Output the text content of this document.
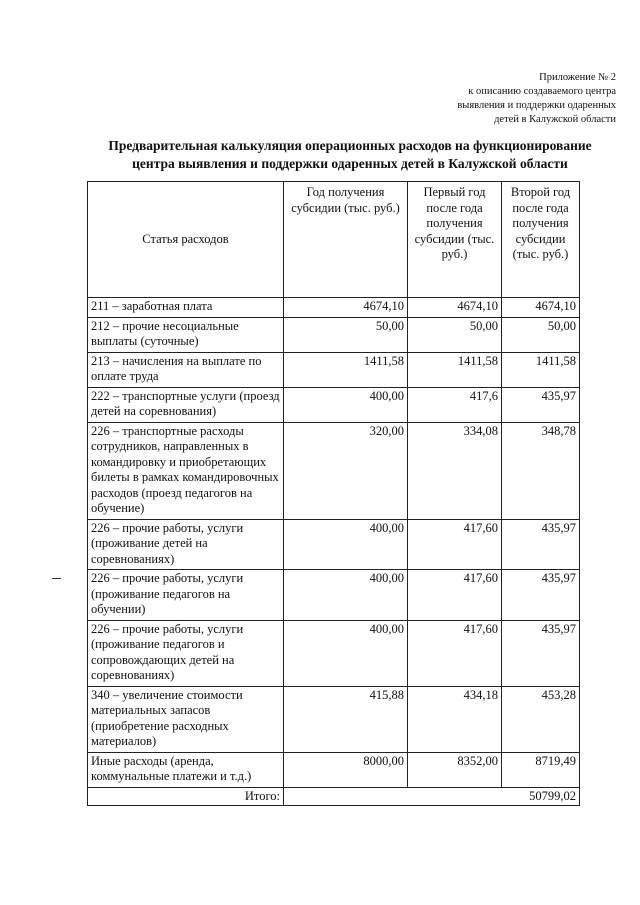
Приложение № 2
к описанию создаваемого центра
выявления и поддержки одаренных
детей в Калужской области
Предварительная калькуляция операционных расходов на функционирование
центра выявления и поддержки одаренных детей в Калужской области
Статья расходов	Год получения субсидии (тыс. руб.)	Первый год после года получения субсидии (тыс. руб.)	Второй год после года получения субсидии (тыс. руб.)
211 – заработная плата	4674,10	4674,10	4674,10
212 – прочие несоциальные выплаты (суточные)	50,00	50,00	50,00
213 – начисления на выплате по оплате труда	1411,58	1411,58	1411,58
222 – транспортные услуги (проезд детей на соревнования)	400,00	417,6	435,97
226 – транспортные расходы сотрудников, направленных в командировку и приобретающих билеты в рамках командировочных расходов (проезд педагогов на обучение)	320,00	334,08	348,78
226 – прочие работы, услуги (проживание детей на соревнованиях)	400,00	417,60	435,97
226 – прочие работы, услуги (проживание педагогов на обучении)	400,00	417,60	435,97
226 – прочие работы, услуги (проживание педагогов и сопровождающих детей на соревнованиях)	400,00	417,60	435,97
340 – увеличение стоимости материальных запасов (приобретение расходных материалов)	415,88	434,18	453,28
Иные расходы (аренда, коммунальные платежи и т.д.)	8000,00	8352,00	8719,49
Итого:	50799,02		
